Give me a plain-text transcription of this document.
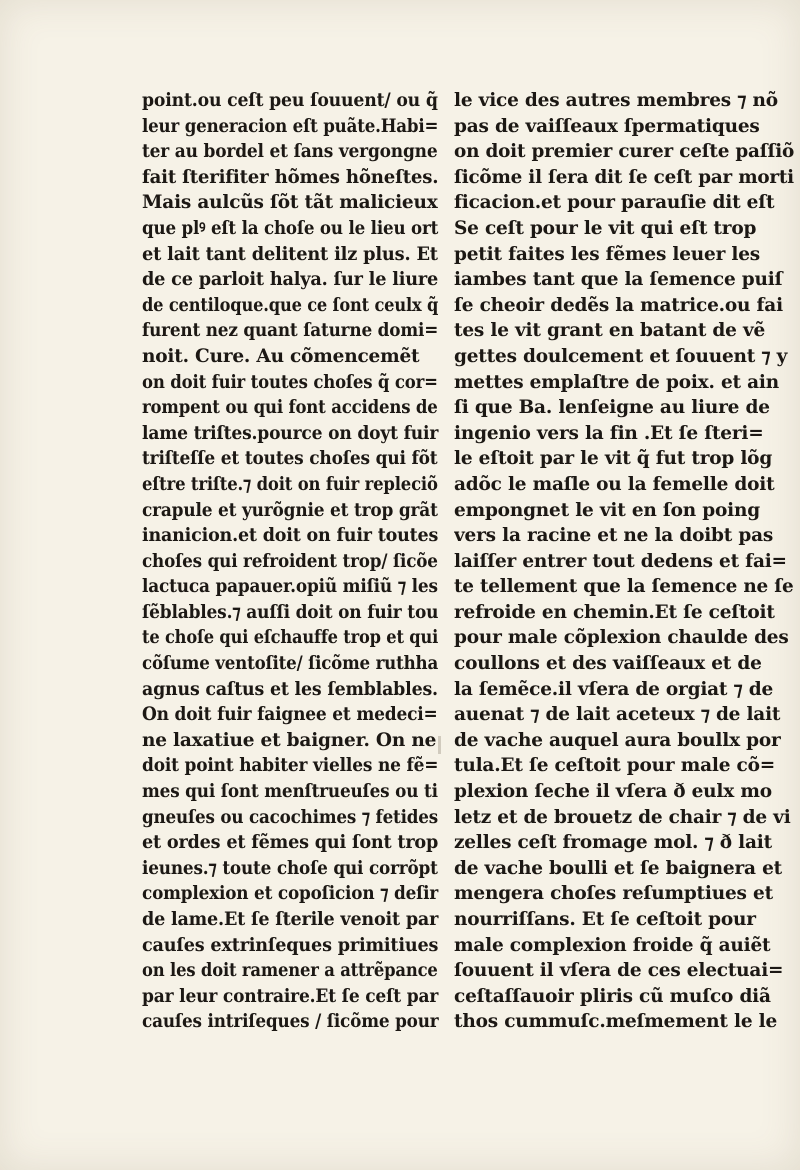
point.ou ceſt peu ſouuent/ ou q̃
leur generacion eſt puãte.Habi=
ter au bordel et ſans vergongne
fait ſterifiter hõmes hõneſtes.
Mais aulcũs ſõt tãt malicieux
que plꝰ eſt la choſe ou le lieu ort
et lait tant delitent ilz plus. Et
de ce parloit halya. ſur le liure
de centiloque.que ce ſont ceulx q̃
furent nez quant ſaturne domi=
noit. Cure. Au cõmencemẽt
on doit fuir toutes choſes q̃ cor=
rompent ou qui font accidens de
lame triſtes.pource on doyt fuir
triſteſſe et toutes choſes qui fõt
eſtre triſte.⁊ doit on fuir repleciõ
crapule et yurõgnie et trop grãt
inanicion.et doit on fuir toutes
choſes qui refroident trop/ ſicõe
lactuca papauer.opiũ miſiũ ⁊ les
ſẽblables.⁊ auſſi doit on fuir tou
te choſe qui eſchauffe trop et qui
cõſume ventoſite/ ſicõme ruthha
agnus caſtus et les ſemblables.
On doit fuir faignee et medeci=
ne laxatiue et baigner. On ne
doit point habiter vielles ne fẽ=
mes qui ſont menſtrueuſes ou ti
gneuſes ou cacochimes ⁊ fetides
et ordes et fẽmes qui ſont trop
ieunes.⁊ toute choſe qui corrõpt
complexion et copoſicion ⁊ deſir
de lame.Et ſe ſterile venoit par
cauſes extrinſeques primitiues
on les doit ramener a attrẽpance
par leur contraire.Et ſe ceſt par
cauſes intriſeques / ſicõme pour
le vice des autres membres ⁊ nõ
pas de vaiſſeaux ſpermatiques
on doit premier curer ceſte paſſiõ
ſicõme il ſera dit ſe ceſt par morti
ficacion.et pour parauſie dit eſt
Se ceſt pour le vit qui eſt trop
petit faites les fẽmes leuer les
iambes tant que la ſemence puiſ
ſe cheoir dedẽs la matrice.ou fai
tes le vit grant en batant de vẽ
gettes doulcement et ſouuent ⁊ y
mettes emplaſtre de poix. et ain
ſi que Ba. lenſeigne au liure de
ingenio vers la fin .Et ſe ſteri=
le eſtoit par le vit q̃ fut trop lõg
adõc le maſle ou la femelle doit
empongnet le vit en ſon poing
vers la racine et ne la doibt pas
laiſſer entrer tout dedens et fai=
te tellement que la ſemence ne ſe
refroide en chemin.Et ſe ceſtoit
pour male cõplexion chaulde des
coullons et des vaiſſeaux et de
la ſemẽce.il vſera de orgiat ⁊ de
auenat ⁊ de lait aceteux ⁊ de lait
de vache auquel aura boullx por
tula.Et ſe ceſtoit pour male cõ=
plexion ſeche il vſera ð eulx mo
letz et de brouetz de chair ⁊ de vi
zelles ceſt fromage mol. ⁊ ð lait
de vache boulli et ſe baignera et
mengera choſes reſumptiues et
nourriſſans. Et ſe ceſtoit pour
male complexion froide q̃ auiẽt
ſouuent il vſera de ces electuai=
ceſtaſſauoir pliris cũ muſco diã
thos cummuſc.meſmement le le
